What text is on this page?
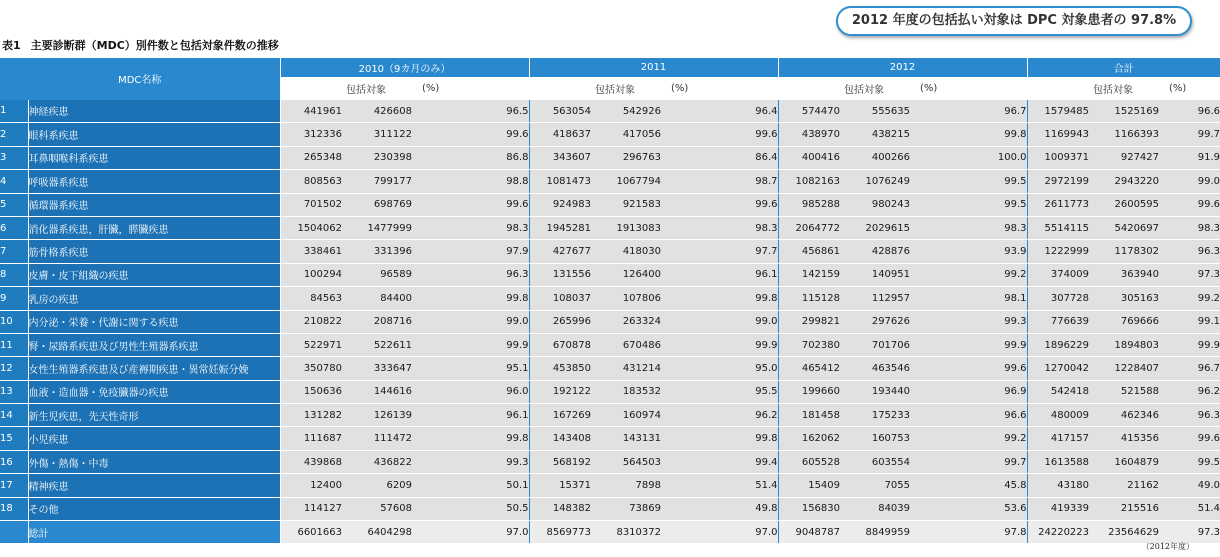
2012 年度の包括払い対象は DPC 対象患者の 97.8%
表1 主要診断群（MDC）別件数と包括対象件数の推移
MDC名称		2010（9カ月のみ）			2011			2012			合計		
			包括対象	(%)		包括対象	(%)		包括対象	(%)		包括対象	(%)
1	神経疾患	441961	426608	96.5	563054	542926	96.4	574470	555635	96.7	1579485	1525169	96.6
2	眼科系疾患	312336	311122	99.6	418637	417056	99.6	438970	438215	99.8	1169943	1166393	99.7
3	耳鼻咽喉科系疾患	265348	230398	86.8	343607	296763	86.4	400416	400266	100.0	1009371	927427	91.9
4	呼吸器系疾患	808563	799177	98.8	1081473	1067794	98.7	1082163	1076249	99.5	2972199	2943220	99.0
5	循環器系疾患	701502	698769	99.6	924983	921583	99.6	985288	980243	99.5	2611773	2600595	99.6
6	消化器系疾患，肝臓，膵臓疾患	1504062	1477999	98.3	1945281	1913083	98.3	2064772	2029615	98.3	5514115	5420697	98.3
7	筋骨格系疾患	338461	331396	97.9	427677	418030	97.7	456861	428876	93.9	1222999	1178302	96.3
8	皮膚・皮下組織の疾患	100294	96589	96.3	131556	126400	96.1	142159	140951	99.2	374009	363940	97.3
9	乳房の疾患	84563	84400	99.8	108037	107806	99.8	115128	112957	98.1	307728	305163	99.2
10	内分泌・栄養・代謝に関する疾患	210822	208716	99.0	265996	263324	99.0	299821	297626	99.3	776639	769666	99.1
11	腎・尿路系疾患及び男性生殖器系疾患	522971	522611	99.9	670878	670486	99.9	702380	701706	99.9	1896229	1894803	99.9
12	女性生殖器系疾患及び産褥期疾患・異常妊娠分娩	350780	333647	95.1	453850	431214	95.0	465412	463546	99.6	1270042	1228407	96.7
13	血液・造血器・免疫臓器の疾患	150636	144616	96.0	192122	183532	95.5	199660	193440	96.9	542418	521588	96.2
14	新生児疾患，先天性奇形	131282	126139	96.1	167269	160974	96.2	181458	175233	96.6	480009	462346	96.3
15	小児疾患	111687	111472	99.8	143408	143131	99.8	162062	160753	99.2	417157	415356	99.6
16	外傷・熱傷・中毒	439868	436822	99.3	568192	564503	99.4	605528	603554	99.7	1613588	1604879	99.5
17	精神疾患	12400	6209	50.1	15371	7898	51.4	15409	7055	45.8	43180	21162	49.0
18	その他	114127	57608	50.5	148382	73869	49.8	156830	84039	53.6	419339	215516	51.4
	総計	6601663	6404298	97.0	8569773	8310372	97.0	9048787	8849959	97.8	24220223	23564629	97.3
（2012年度）
